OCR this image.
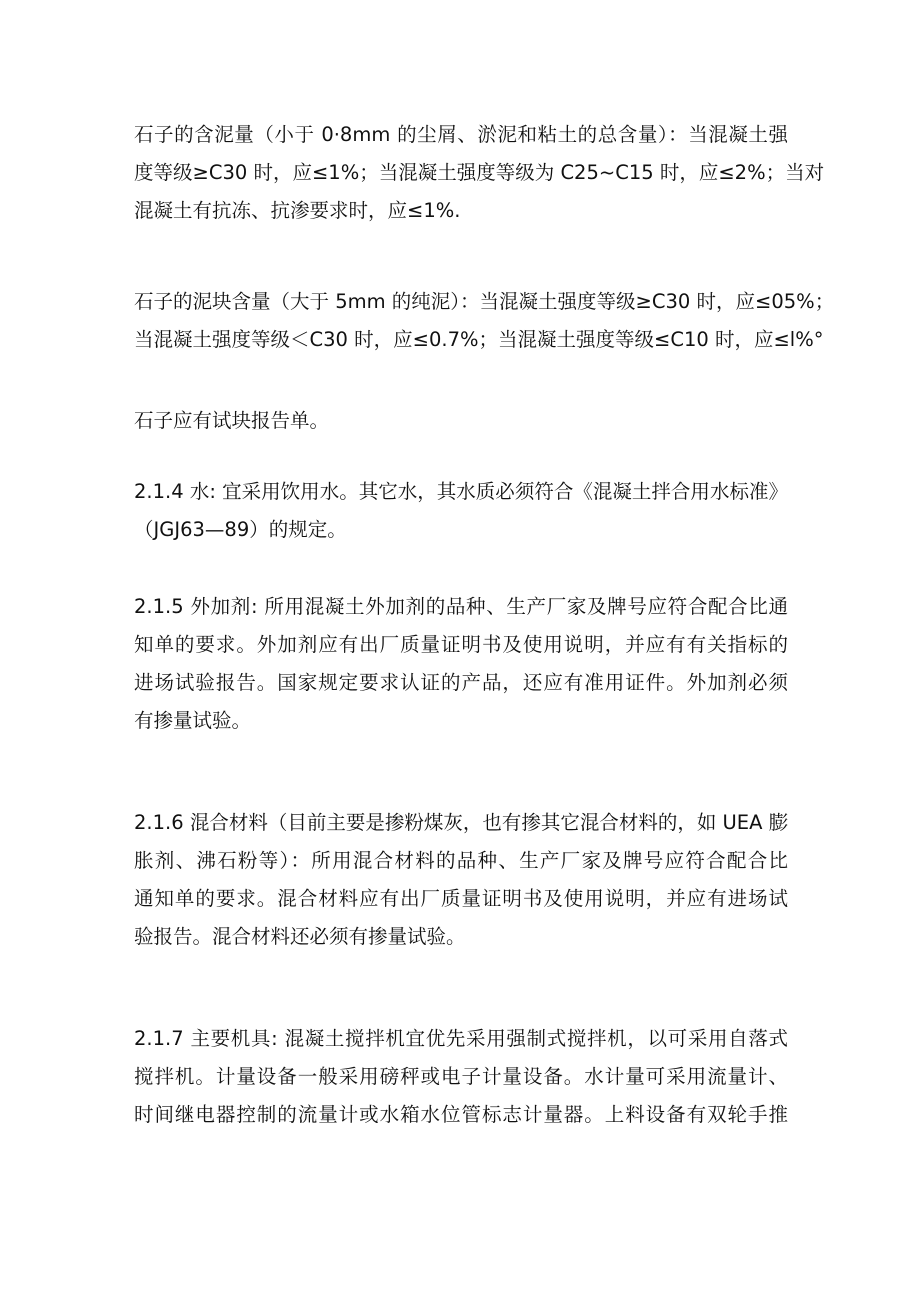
石子的含泥量（小于 0·8mm 的尘屑、淤泥和粘土的总含量）：当混凝土强
度等级≥C30 时，应≤1%；当混凝土强度等级为 C25~C15 时，应≤2%；当对
混凝土有抗冻、抗渗要求时，应≤1%.
石子的泥块含量（大于 5mm 的纯泥）：当混凝土强度等级≥C30 时，应≤05%；
当混凝土强度等级＜C30 时，应≤0.7%；当混凝土强度等级≤C10 时，应≤l%°
石子应有试块报告单。
2.1.4 水: 宜采用饮用水。其它水，其水质必须符合《混凝土拌合用水标准》
（JGJ63—89）的规定。
2.1.5 外加剂: 所用混凝土外加剂的品种、生产厂家及牌号应符合配合比通
知单的要求。外加剂应有出厂质量证明书及使用说明，并应有有关指标的
进场试验报告。国家规定要求认证的产品，还应有准用证件。外加剂必须
有掺量试验。
2.1.6 混合材料（目前主要是掺粉煤灰，也有掺其它混合材料的，如 UEA 膨
胀剂、沸石粉等）：所用混合材料的品种、生产厂家及牌号应符合配合比
通知单的要求。混合材料应有出厂质量证明书及使用说明，并应有进场试
验报告。混合材料还必须有掺量试验。
2.1.7 主要机具: 混凝土搅拌机宜优先采用强制式搅拌机，以可采用自落式
搅拌机。计量设备一般采用磅秤或电子计量设备。水计量可采用流量计、
时间继电器控制的流量计或水箱水位管标志计量器。上料设备有双轮手推
